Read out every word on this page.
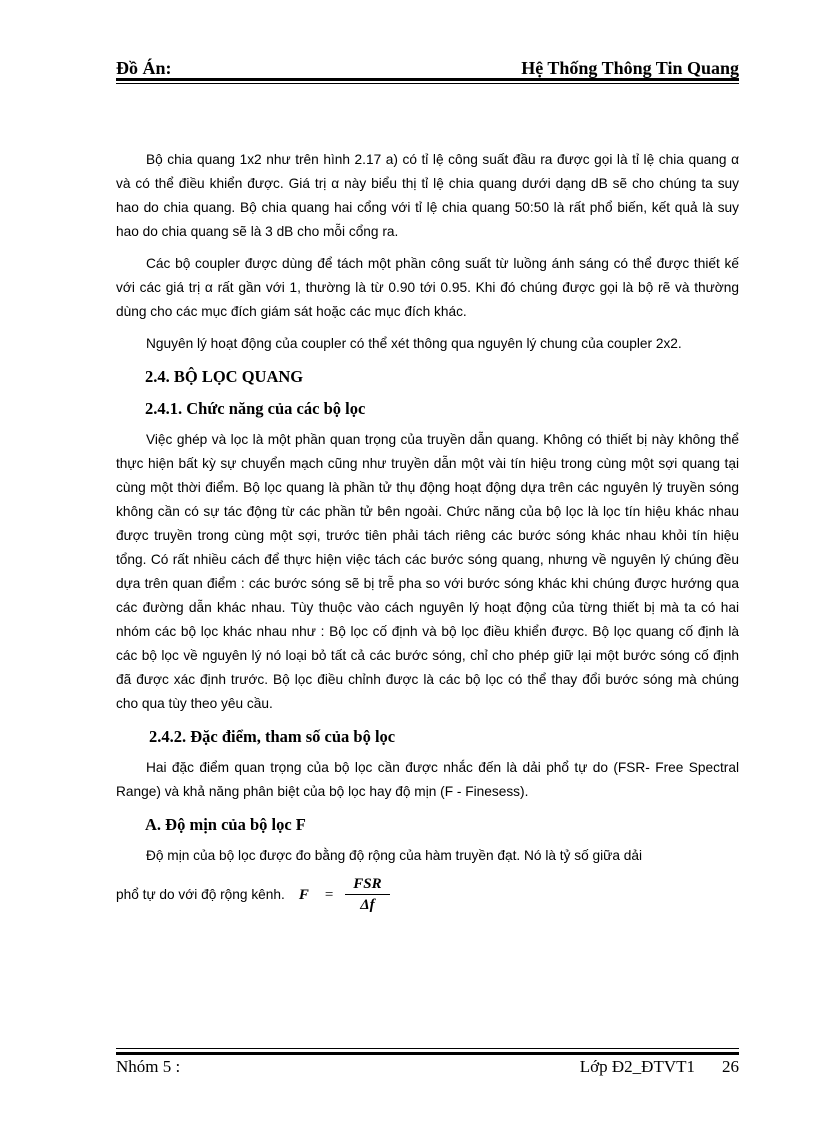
Đồ Án:	Hệ Thống Thông Tin Quang

Bộ chia quang 1x2 như trên hình 2.17 a) có tỉ lệ công suất đầu ra được gọi là tỉ lệ chia quang α và có thể điều khiển được. Giá trị α này biểu thị tỉ lệ chia quang dưới dạng dB sẽ cho chúng ta suy hao do chia quang. Bộ chia quang hai cổng với tỉ lệ chia quang 50:50 là rất phổ biến, kết quả là suy hao do chia quang sẽ là 3 dB cho mỗi cổng ra.

Các bộ coupler được dùng để tách một phần công suất từ luồng ánh sáng có thể được thiết kế với các giá trị α rất gần với 1, thường là từ 0.90 tới 0.95. Khi đó chúng được gọi là bộ rẽ và thường dùng cho các mục đích giám sát hoặc các mục đích khác.

Nguyên lý hoạt động của coupler có thể xét thông qua nguyên lý chung của coupler 2x2.

2.4. BỘ LỌC QUANG
2.4.1. Chức năng của các bộ lọc

Việc ghép và lọc là một phần quan trọng của truyền dẫn quang. Không có thiết bị này không thể thực hiện bất kỳ sự chuyển mạch cũng như truyền dẫn một vài tín hiệu trong cùng một sợi quang tại cùng một thời điểm. Bộ lọc quang là phần tử thụ động hoạt động dựa trên các nguyên lý truyền sóng không cần có sự tác động từ các phần tử bên ngoài. Chức năng của bộ lọc là lọc tín hiệu khác nhau được truyền trong cùng một sợi, trước tiên phải tách riêng các bước sóng khác nhau khỏi tín hiệu tổng. Có rất nhiều cách để thực hiện việc tách các bước sóng quang, nhưng về nguyên lý chúng đều dựa trên quan điểm : các bước sóng sẽ bị trễ pha so với bước sóng khác khi chúng được hướng qua các đường dẫn khác nhau. Tùy thuộc vào cách nguyên lý hoạt động của từng thiết bị mà ta có hai nhóm các bộ lọc khác nhau như : Bộ lọc cố định và bộ lọc điều khiển được. Bộ lọc quang cố định là các bộ lọc về nguyên lý nó loại bỏ tất cả các bước sóng, chỉ cho phép giữ lại một bước sóng cố định đã được xác định trước. Bộ lọc điều chỉnh được là các bộ lọc có thể thay đổi bước sóng mà chúng cho qua tùy theo yêu cầu.

2.4.2. Đặc điểm, tham số của bộ lọc

Hai đặc điểm quan trọng của bộ lọc cần được nhắc đến là dải phổ tự do (FSR- Free Spectral Range) và khả năng phân biệt của bộ lọc hay độ mịn (F - Finesess).

A. Độ mịn của bộ lọc F

Độ mịn của bộ lọc được đo bằng độ rộng của hàm truyền đạt. Nó là tỷ số giữa dải

phổ tự do với độ rộng kênh. $F = \frac{\text{FSR}}{\Delta f}$
Nhóm 5 :	Lớp Đ2_ĐTVT1 26
